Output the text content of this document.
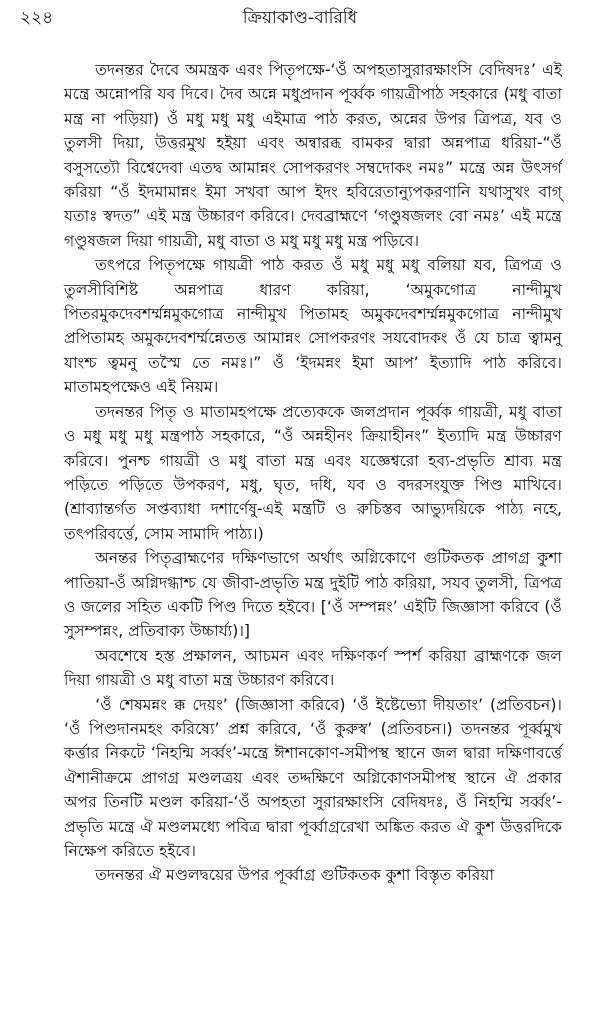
২২৪	ক্রিয়াকাণ্ড-বারিধি

তদনন্তর দৈবে অমন্ত্রক এবং পিতৃপক্ষে-‘ওঁ অপহতাসুরারক্ষাংসি বেদিষদঃ’ এই মন্ত্রে অন্নোপরি যব দিবে। দৈব অন্নে মধুপ্রদান পূর্ব্বক গায়ত্রীপাঠ সহকারে (মধু বাতা মন্ত্র না পড়িয়া) ওঁ মধু মধু মধু এইমাত্র পাঠ করত, অন্নের উপর ত্রিপত্র, যব ও তুলসী দিয়া, উত্তরমুখ হইয়া এবং অন্বারব্ধ বামকর দ্বারা অন্নপাত্র ধরিয়া-“ওঁ বসুসত্যৌ বিশ্বেদেবা এতদ্ব আমান্নং সোপকরণং সম্বদোকং নমঃ” মন্ত্রে অন্ন উৎসর্গ করিয়া “ওঁ ইদমামান্নং ইমা সখবা আপ ইদং হবিরেতান্যুপকরণানি যথাসুখং বাগ্‌ যতাঃ স্বদত” এই মন্ত্র উচ্চারণ করিবে। দেবব্রাহ্মণে ‘গণ্ডুষজলং বো নমঃ’ এই মন্ত্রে গণ্ডুষজল দিয়া গায়ত্রী, মধু বাতা ও মধু মধু মধু মন্ত্র পড়িবে।

তৎপরে পিতৃপক্ষে গায়ত্রী পাঠ করত ওঁ মধু মধু মধু বলিয়া যব, ত্রিপত্র ও তুলসীবিশিষ্ট অন্নপাত্র ধারণ করিয়া, ‘অমুকগোত্র নান্দীমুখ পিতরমুকদেবশর্ম্মন্নমুকগোত্র নান্দীমুখ পিতামহ অমুকদেবশর্ম্মন্নমুকগোত্র নান্দীমুখ প্রপিতামহ অমুকদেবশর্ম্মন্নেতত্ত আমান্নং সোপকরণং সযবোদকং ওঁ যে চাত্র ত্বামনু যাংশ্চ ত্বমনু তস্মৈ তে নমঃ।” ওঁ ‘ইদমন্নং ইমা আপ’ ইত্যাদি পাঠ করিবে। মাতামহপক্ষেও এই নিয়ম।

তদনন্তর পিতৃ ও মাতামহপক্ষে প্রত্যেককে জলপ্রদান পূর্ব্বক গায়ত্রী, মধু বাতা ও মধু মধু মধু মন্ত্রপাঠ সহকারে, “ওঁ অন্নহীনং ক্রিয়াহীনং” ইত্যাদি মন্ত্র উচ্চারণ করিবে। পুনশ্চ গায়ত্রী ও মধু বাতা মন্ত্র এবং যজ্ঞেশ্বরো হব্য-প্রভৃতি শ্রাব্য মন্ত্র পড়িতে পড়িতে উপকরণ, মধু, ঘৃত, দধি, যব ও বদরসংযুক্ত পিণ্ড মাখিবে। (শ্রাব্যান্তর্গত সপ্তব্যাধা দশার্ণেষু-এই মন্ত্রটি ও রুচিস্তব আভ্যুদয়িকে পাঠ্য নহে, তৎপরিবর্ত্তে, সোম সামাদি পাঠ্য।)

অনন্তর পিতৃব্রাহ্মণের দক্ষিণভাগে অর্থাৎ অগ্নিকোণে গুটিকতক প্রাগগ্র কুশা পাতিয়া-ওঁ অগ্নিদগ্ধাশ্চ যে জীবা-প্রভৃতি মন্ত্র দুইটি পাঠ করিয়া, সযব তুলসী, ত্রিপত্র ও জলের সহিত একটি পিণ্ড দিতে হইবে। [‘ওঁ সম্পন্নং’ এইটি জিজ্ঞাসা করিবে (ওঁ সুসম্পন্নং, প্রতিবাক্য উচ্চার্য্য)।]

অবশেষে হস্ত প্রক্ষালন, আচমন এবং দক্ষিণকর্ণ স্পর্শ করিয়া ব্রাহ্মণকে জল দিয়া গায়ত্রী ও মধু বাতা মন্ত্র উচ্চারণ করিবে।

‘ওঁ শেষমন্নং ক্ক দেয়ং’ (জিজ্ঞাসা করিবে) ‘ওঁ ইষ্টেভ্যো দীয়তাং’ (প্রতিবচন)। ‘ওঁ পিণ্ডদানমহং করিষ্যে’ প্রশ্ন করিবে, ‘ওঁ কুরুস্ব’ (প্রতিবচন।) তদনন্তর পূর্ব্বমুখ কর্ত্তার নিকটে ‘নিহন্মি সর্ব্বং’-মন্ত্রে ঈশানকোণ-সমীপস্থ স্থানে জল দ্বারা দক্ষিণাবর্ত্তে ঐশানীক্রমে প্রাগগ্র মণ্ডলত্রয় এবং তদ্দক্ষিণে অগ্নিকোণসমীপস্থ স্থানে ঐ প্রকার অপর তিনটি মণ্ডল করিয়া-‘ওঁ অপহতা সুরারক্ষাংসি বেদিষদঃ, ওঁ নিহন্মি সর্ব্বং’-প্রভৃতি মন্ত্রে ঐ মণ্ডলমধ্যে পবিত্র দ্বারা পূর্ব্বাগ্ররেখা অঙ্কিত করত ঐ কুশ উত্তরদিকে নিক্ষেপ করিতে হইবে।

তদনন্তর ঐ মণ্ডলদ্বয়ের উপর পূর্ব্বাগ্র গুটিকতক কুশা বিস্তৃত করিয়া
